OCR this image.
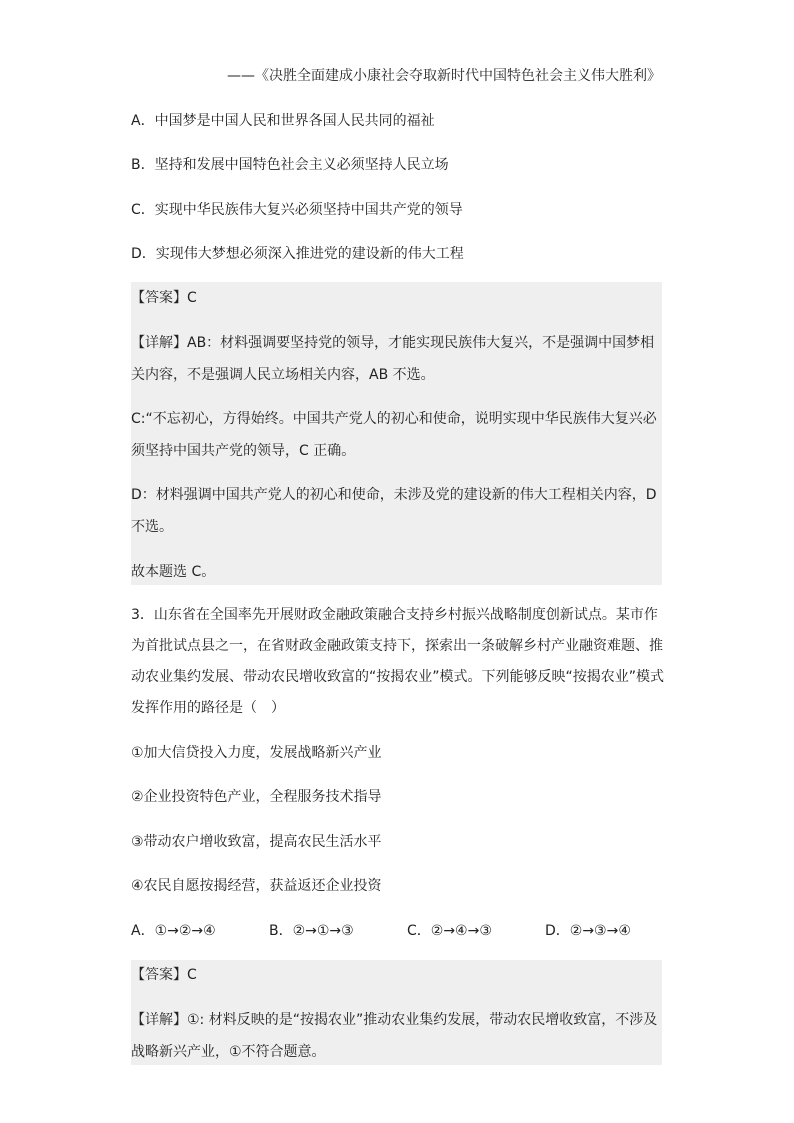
——《决胜全面建成小康社会夺取新时代中国特色社会主义伟大胜利》
A．中国梦是中国人民和世界各国人民共同的福祉
B．坚持和发展中国特色社会主义必须坚持人民立场
C．实现中华民族伟大复兴必须坚持中国共产党的领导
D．实现伟大梦想必须深入推进党的建设新的伟大工程
【答案】C
【详解】AB：材料强调要坚持党的领导，才能实现民族伟大复兴，不是强调中国梦相
关内容，不是强调人民立场相关内容，AB 不选。
C:“不忘初心，方得始终。中国共产党人的初心和使命，说明实现中华民族伟大复兴必
须坚持中国共产党的领导，C 正确。
D：材料强调中国共产党人的初心和使命，未涉及党的建设新的伟大工程相关内容，D
不选。
故本题选 C。
3．山东省在全国率先开展财政金融政策融合支持乡村振兴战略制度创新试点。某市作
为首批试点县之一，在省财政金融政策支持下，探索出一条破解乡村产业融资难题、推
动农业集约发展、带动农民增收致富的“按揭农业”模式。下列能够反映“按揭农业”模式
发挥作用的路径是（　）
①加大信贷投入力度，发展战略新兴产业
②企业投资特色产业，全程服务技术指导
③带动农户增收致富，提高农民生活水平
④农民自愿按揭经营，获益返还企业投资
A．①→②→④	B．②→①→③	C．②→④→③	D．②→③→④
【答案】C
【详解】①: 材料反映的是“按揭农业”推动农业集约发展，带动农民增收致富，不涉及
战略新兴产业，①不符合题意。
